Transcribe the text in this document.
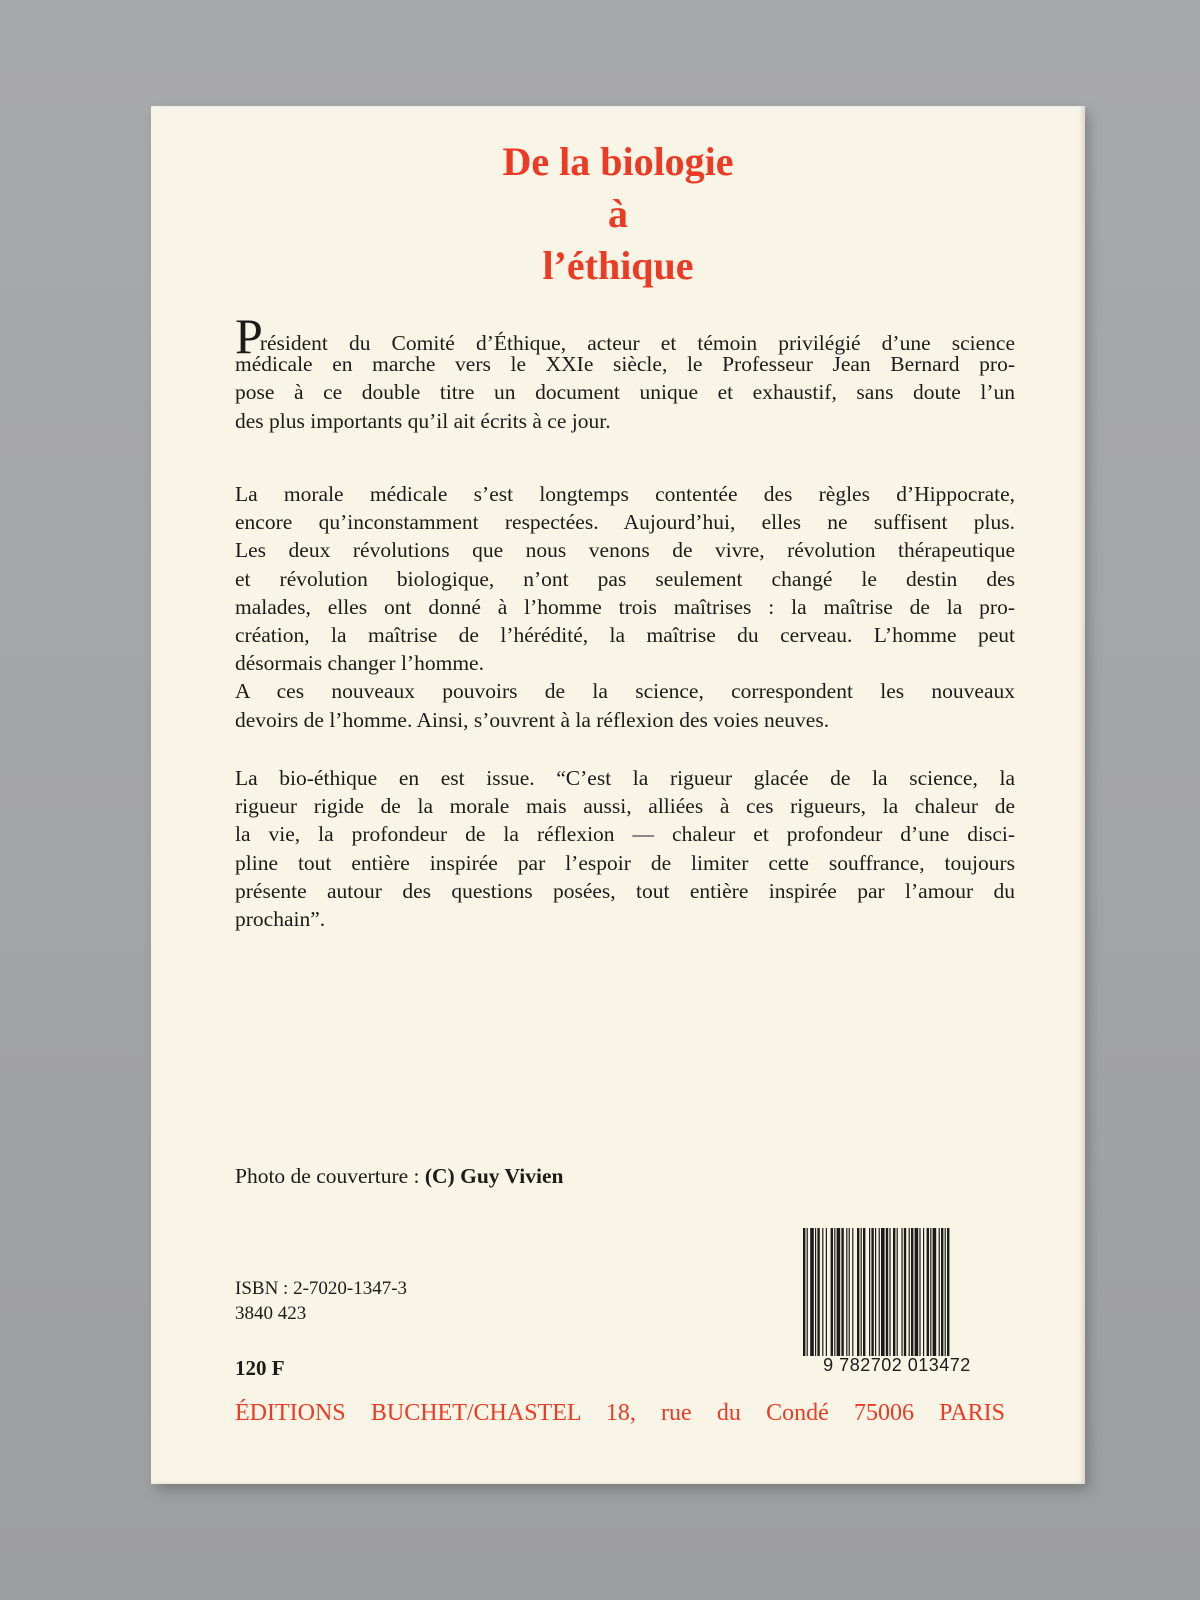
De la biologie
à
l’éthique
Président du Comité d’Éthique, acteur et témoin privilégié d’une science
médicale en marche vers le XXIe siècle, le Professeur Jean Bernard pro-
pose à ce double titre un document unique et exhaustif, sans doute l’un
des plus importants qu’il ait écrits à ce jour.
La morale médicale s’est longtemps contentée des règles d’Hippocrate,
encore qu’inconstamment respectées. Aujourd’hui, elles ne suffisent plus.
Les deux révolutions que nous venons de vivre, révolution thérapeutique
et révolution biologique, n’ont pas seulement changé le destin des
malades, elles ont donné à l’homme trois maîtrises : la maîtrise de la pro-
création, la maîtrise de l’hérédité, la maîtrise du cerveau. L’homme peut
désormais changer l’homme.
A ces nouveaux pouvoirs de la science, correspondent les nouveaux
devoirs de l’homme. Ainsi, s’ouvrent à la réflexion des voies neuves.
La bio-éthique en est issue. “C’est la rigueur glacée de la science, la
rigueur rigide de la morale mais aussi, alliées à ces rigueurs, la chaleur de
la vie, la profondeur de la réflexion — chaleur et profondeur d’une disci-
pline tout entière inspirée par l’espoir de limiter cette souffrance, toujours
présente autour des questions posées, tout entière inspirée par l’amour du
prochain”.
Photo de couverture : (C) Guy Vivien
ISBN : 2-7020-1347-3
3840 423
120 F	9 782702 013472
ÉDITIONS BUCHET/CHASTEL 18, rue du Condé 75006 PARIS
